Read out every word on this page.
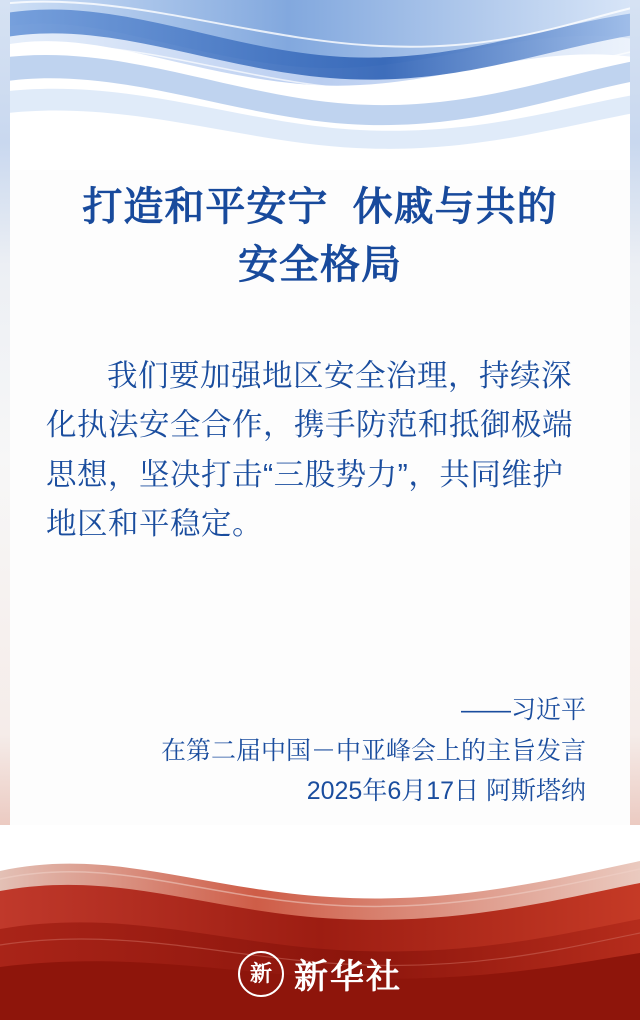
打造和平安宁  休戚与共的
安全格局
我们要加强地区安全治理，持续深化执法安全合作，携手防范和抵御极端思想，坚决打击“三股势力”，共同维护地区和平稳定。
——习近平
在第二届中国－中亚峰会上的主旨发言
2025年6月17日 阿斯塔纳
新 新华社
